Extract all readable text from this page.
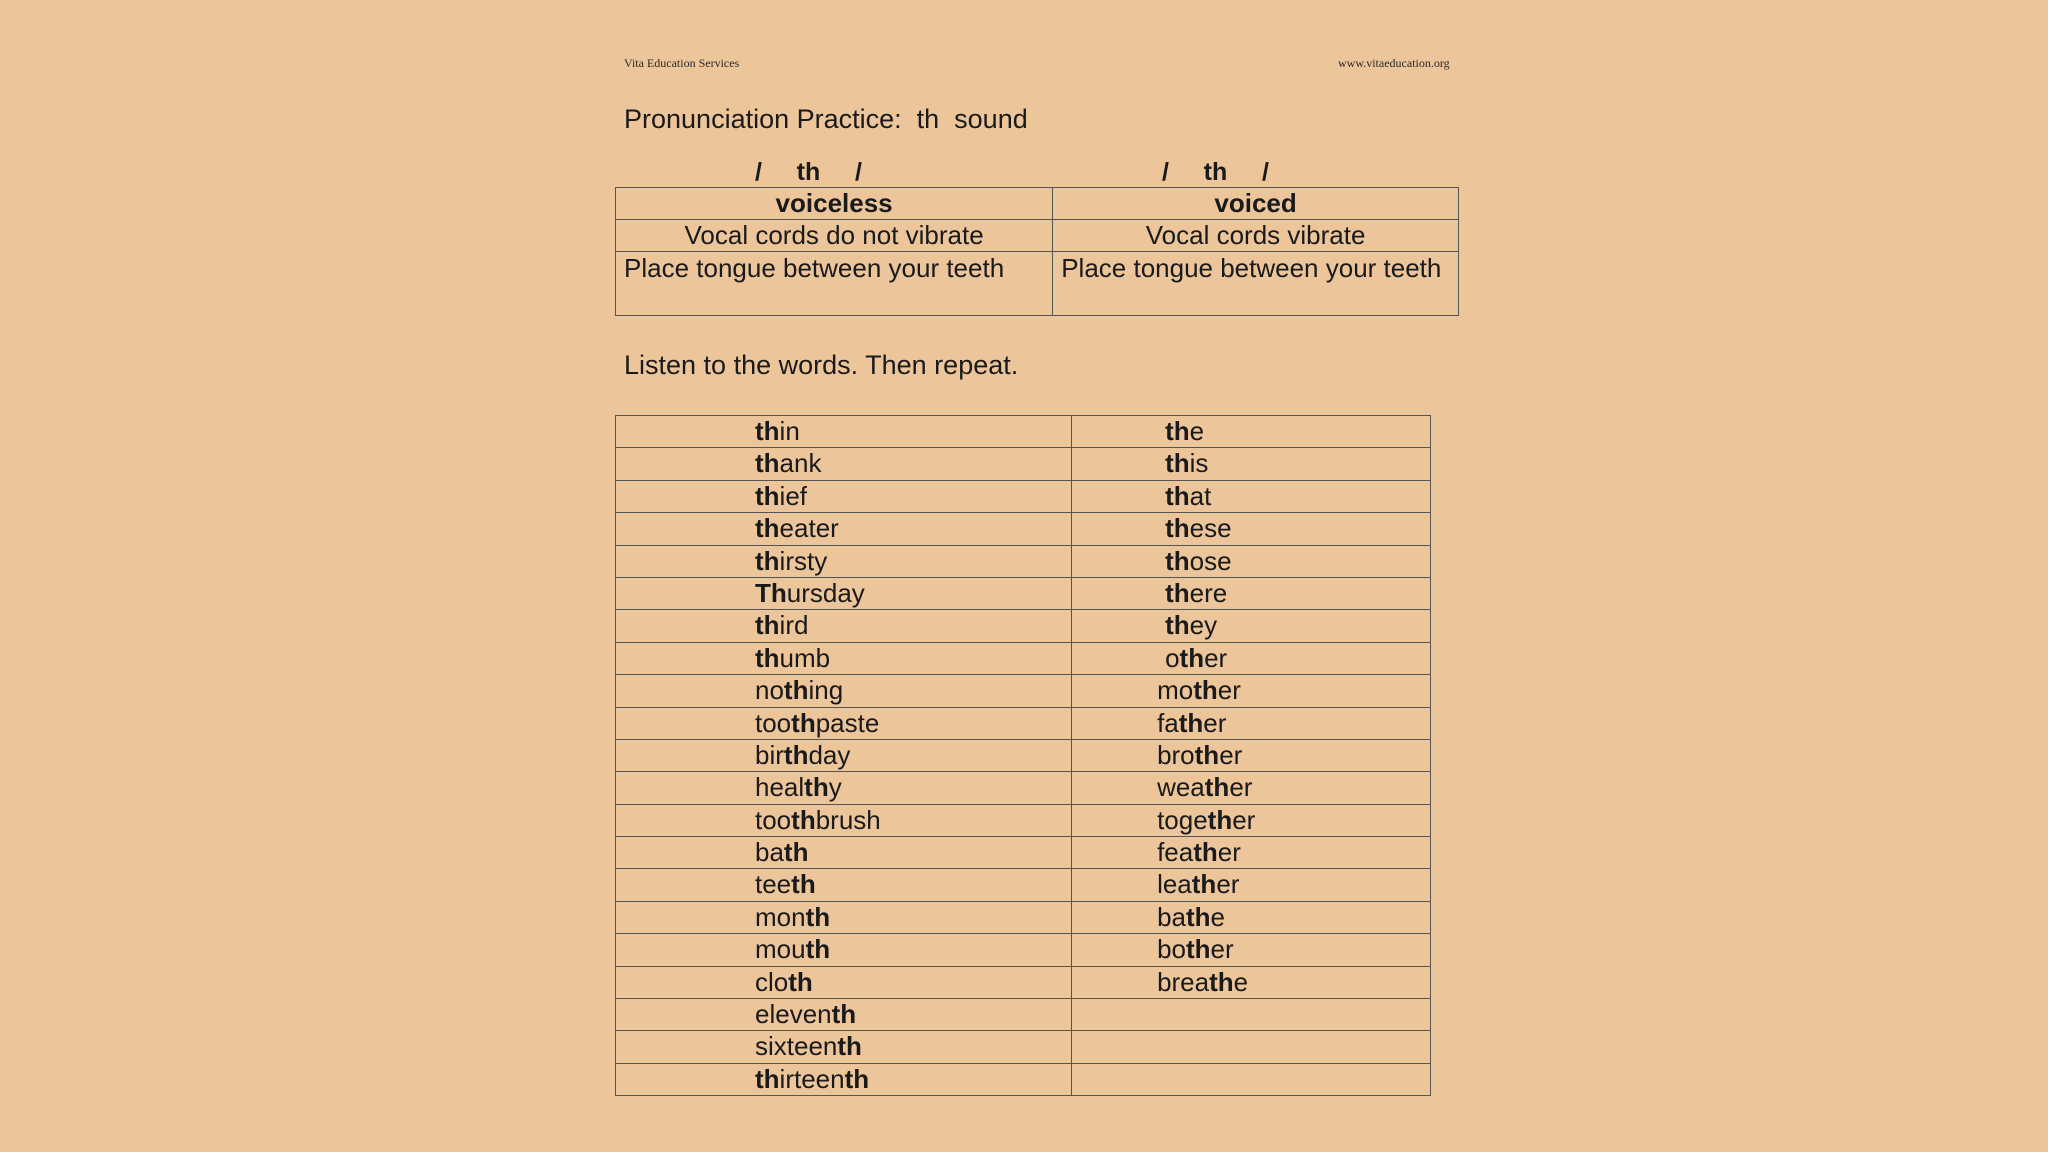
Vita Education Services	www.vitaeducation.org
Pronunciation Practice:  th  sound
/     th     /	/     th     /
voiceless	voiced
Vocal cords do not vibrate	Vocal cords vibrate
Place tongue between your teeth	Place tongue between your teeth
Listen to the words. Then repeat.
thin	the
thank	this
thief	that
theater	these
thirsty	those
Thursday	there
third	they
thumb	other
nothing	mother
toothpaste	father
birthday	brother
healthy	weather
toothbrush	together
bath	feather
teeth	leather
month	bathe
mouth	bother
cloth	breathe
eleventh	
sixteenth	
thirteenth	
